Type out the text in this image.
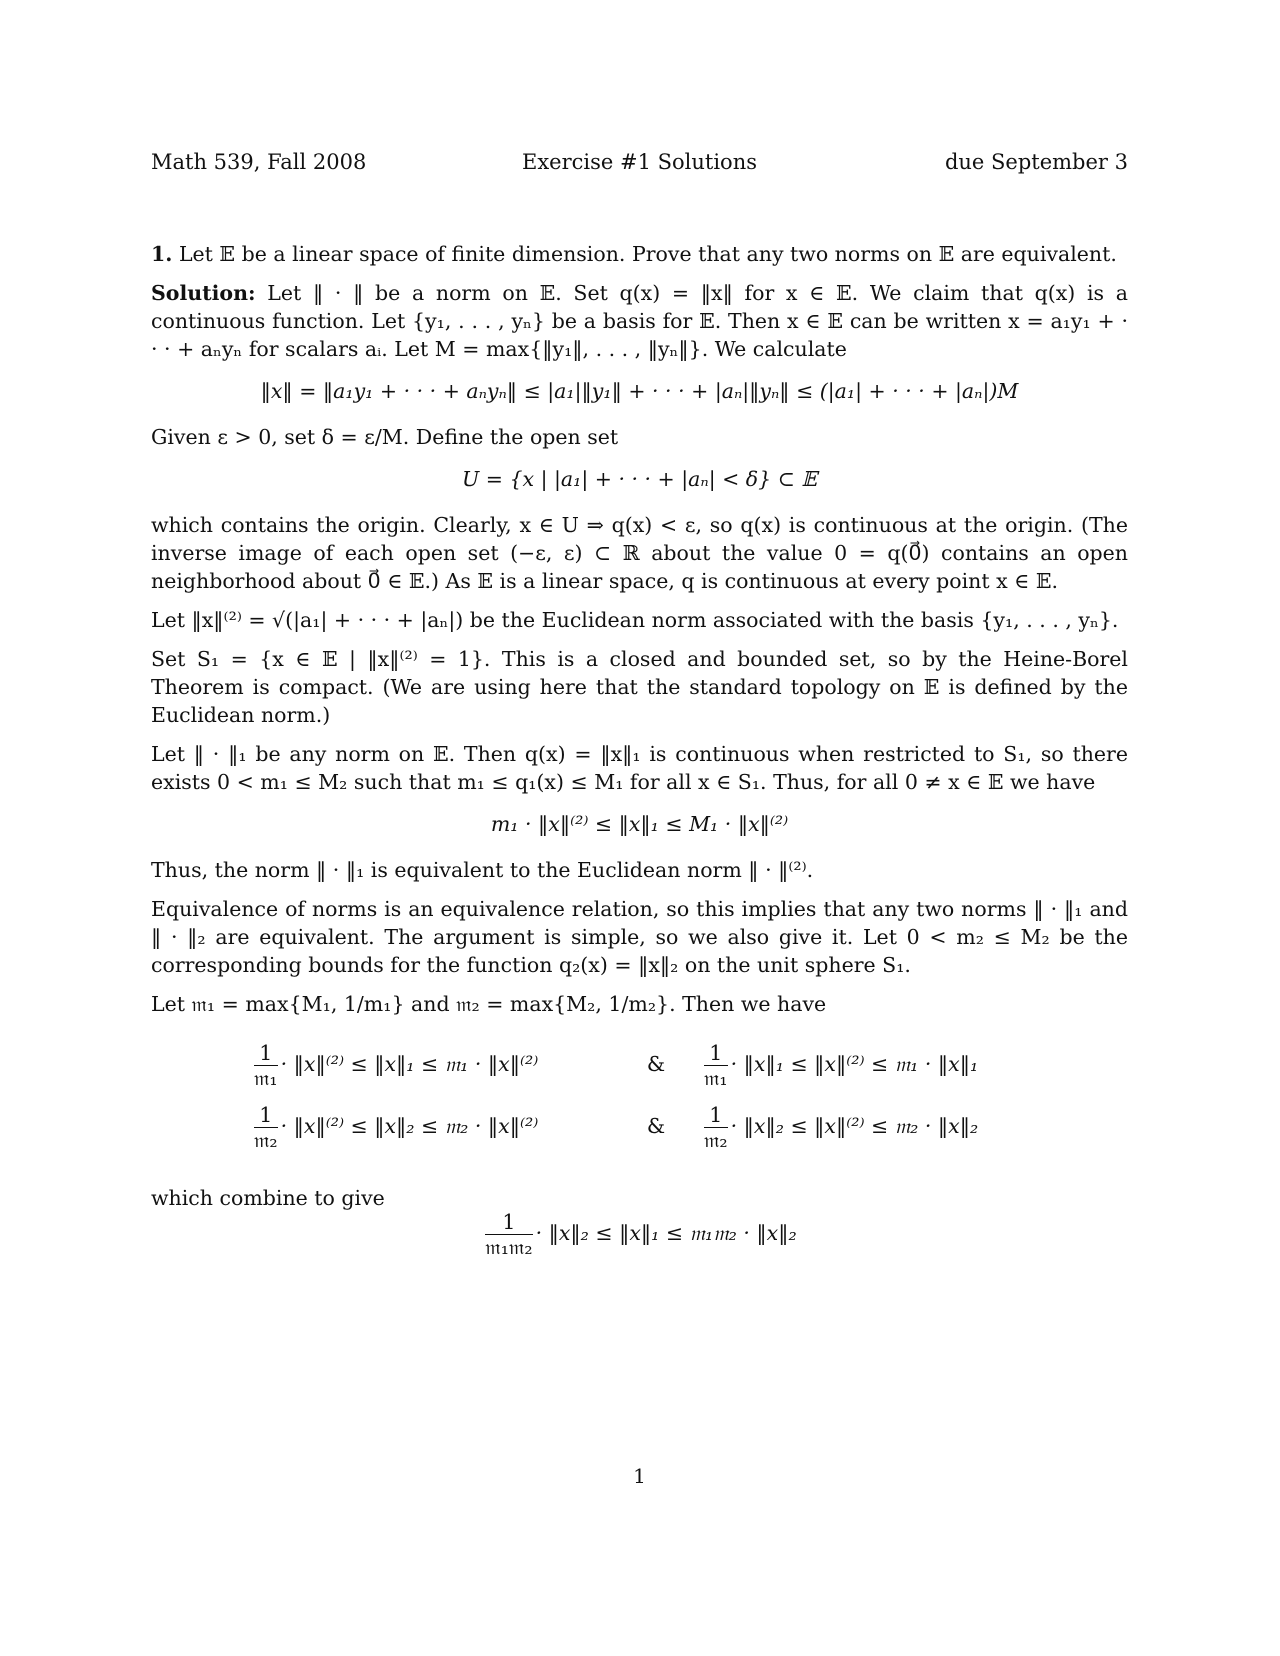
Math 539, Fall 2008	Exercise #1 Solutions	due September 3

1. Let 𝔼 be a linear space of finite dimension. Prove that any two norms on 𝔼 are equivalent.

Solution: Let ‖ · ‖ be a norm on 𝔼. Set q(x) = ‖x‖ for x ∈ 𝔼. We claim that q(x) is a continuous function. Let {y₁, . . . , yₙ} be a basis for 𝔼. Then x ∈ 𝔼 can be written x = a₁y₁ + · · · + aₙyₙ for scalars aᵢ. Let M = max{‖y₁‖, . . . , ‖yₙ‖}. We calculate

‖x‖ = ‖a₁y₁ + · · · + aₙyₙ‖ ≤ |a₁|‖y₁‖ + · · · + |aₙ|‖yₙ‖ ≤ (|a₁| + · · · + |aₙ|)M

Given ε > 0, set δ = ε/M. Define the open set

U = {x | |a₁| + · · · + |aₙ| < δ} ⊂ 𝔼

which contains the origin. Clearly, x ∈ U ⇒ q(x) < ε, so q(x) is continuous at the origin. (The inverse image of each open set (−ε, ε) ⊂ ℝ about the value 0 = q(0⃗) contains an open neighborhood about 0⃗ ∈ 𝔼.) As 𝔼 is a linear space, q is continuous at every point x ∈ 𝔼.

Let ‖x‖⁽²⁾ = √(|a₁| + · · · + |aₙ|) be the Euclidean norm associated with the basis {y₁, . . . , yₙ}.

Set S₁ = {x ∈ 𝔼 | ‖x‖⁽²⁾ = 1}. This is a closed and bounded set, so by the Heine-Borel Theorem is compact. (We are using here that the standard topology on 𝔼 is defined by the Euclidean norm.)

Let ‖ · ‖₁ be any norm on 𝔼. Then q(x) = ‖x‖₁ is continuous when restricted to S₁, so there exists 0 < m₁ ≤ M₂ such that m₁ ≤ q₁(x) ≤ M₁ for all x ∈ S₁. Thus, for all 0 ≠ x ∈ 𝔼 we have

m₁ · ‖x‖⁽²⁾ ≤ ‖x‖₁ ≤ M₁ · ‖x‖⁽²⁾

Thus, the norm ‖ · ‖₁ is equivalent to the Euclidean norm ‖ · ‖⁽²⁾.

Equivalence of norms is an equivalence relation, so this implies that any two norms ‖ · ‖₁ and ‖ · ‖₂ are equivalent. The argument is simple, so we also give it. Let 0 < m₂ ≤ M₂ be the corresponding bounds for the function q₂(x) = ‖x‖₂ on the unit sphere S₁.

Let 𝔪₁ = max{M₁, 1/m₁} and 𝔪₂ = max{M₂, 1/m₂}. Then we have

$\frac{1}{\text{𝔪₁}}$ · ‖x‖⁽²⁾ ≤ ‖x‖₁ ≤ 𝔪₁ · ‖x‖⁽²⁾	&	$\frac{1}{\text{𝔪₁}}$ · ‖x‖₁ ≤ ‖x‖⁽²⁾ ≤ 𝔪₁ · ‖x‖₁
$\frac{1}{\text{𝔪₂}}$ · ‖x‖⁽²⁾ ≤ ‖x‖₂ ≤ 𝔪₂ · ‖x‖⁽²⁾	&	$\frac{1}{\text{𝔪₂}}$ · ‖x‖₂ ≤ ‖x‖⁽²⁾ ≤ 𝔪₂ · ‖x‖₂
which combine to give
$\frac{1}{\text{𝔪₁𝔪₂}}$ · ‖x‖₂ ≤ ‖x‖₁ ≤ 𝔪₁𝔪₂ · ‖x‖₂
1
